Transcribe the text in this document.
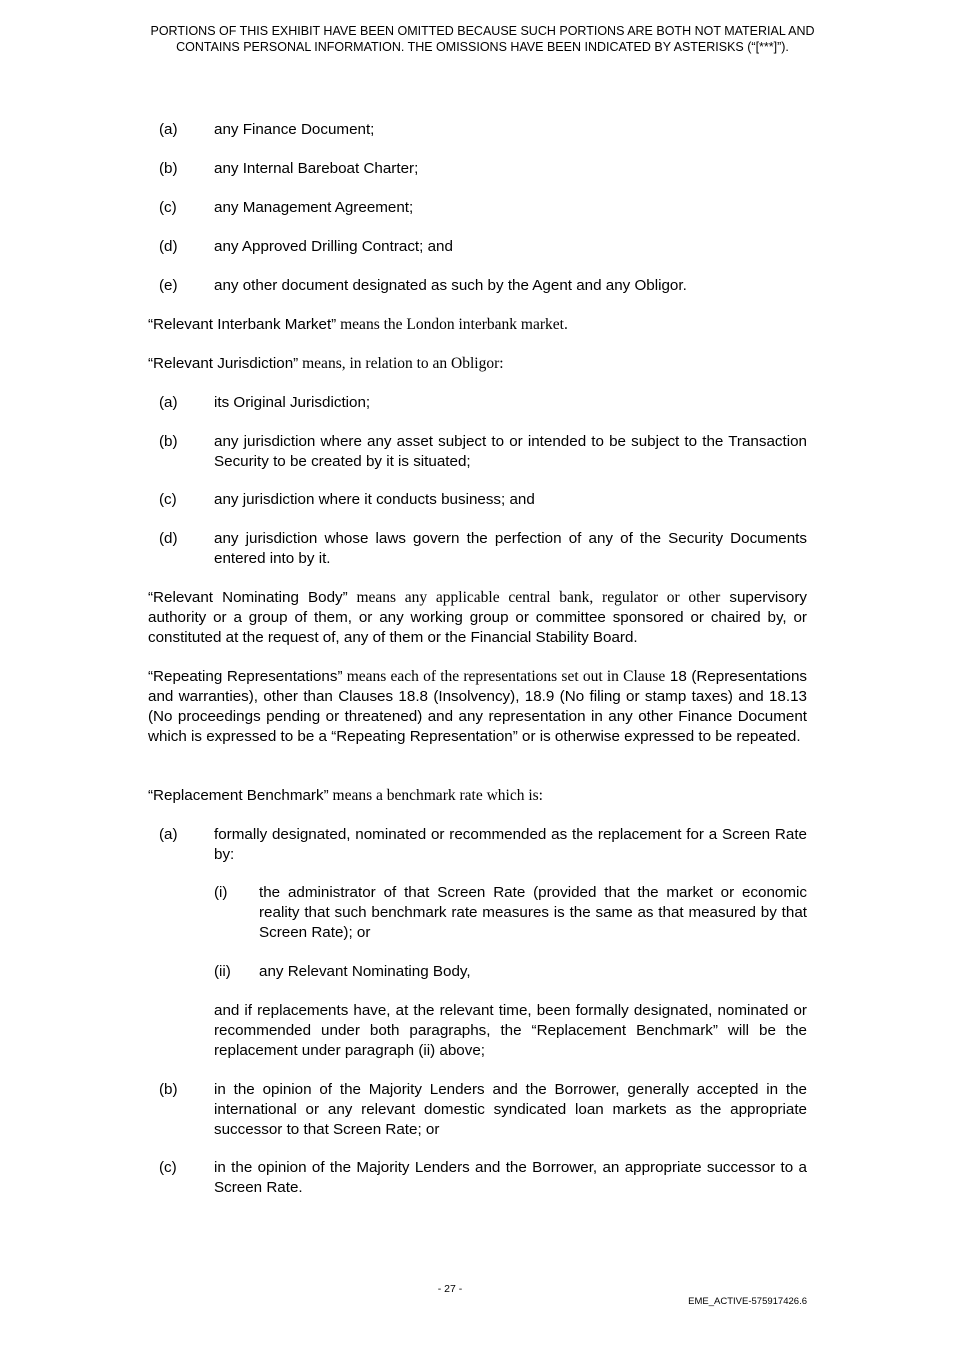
PORTIONS OF THIS EXHIBIT HAVE BEEN OMITTED BECAUSE SUCH PORTIONS ARE BOTH NOT MATERIAL AND
CONTAINS PERSONAL INFORMATION. THE OMISSIONS HAVE BEEN INDICATED BY ASTERISKS (“[***]”).
(a) any Finance Document;
(b) any Internal Bareboat Charter;
(c) any Management Agreement;
(d) any Approved Drilling Contract; and
(e) any other document designated as such by the Agent and any Obligor.
“Relevant Interbank Market” means the London interbank market.
“Relevant Jurisdiction” means, in relation to an Obligor:
(a) its Original Jurisdiction;
(b) any jurisdiction where any asset subject to or intended to be subject to the Transaction Security to be created by it is situated;
(c) any jurisdiction where it conducts business; and
(d) any jurisdiction whose laws govern the perfection of any of the Security Documents entered into by it.
“Relevant Nominating Body” means any applicable central bank, regulator or other supervisory authority or a group of them, or any working group or committee sponsored or chaired by, or constituted at the request of, any of them or the Financial Stability Board.
“Repeating Representations” means each of the representations set out in Clause 18 (Representations and warranties), other than Clauses 18.8 (Insolvency), 18.9 (No filing or stamp taxes) and 18.13 (No proceedings pending or threatened) and any representation in any other Finance Document which is expressed to be a “Repeating Representation” or is otherwise expressed to be repeated.
“Replacement Benchmark” means a benchmark rate which is:
(a) formally designated, nominated or recommended as the replacement for a Screen Rate by:
(i) the administrator of that Screen Rate (provided that the market or economic reality that such benchmark rate measures is the same as that measured by that Screen Rate); or
(ii) any Relevant Nominating Body,
and if replacements have, at the relevant time, been formally designated, nominated or recommended under both paragraphs, the “Replacement Benchmark” will be the replacement under paragraph (ii) above;
(b) in the opinion of the Majority Lenders and the Borrower, generally accepted in the international or any relevant domestic syndicated loan markets as the appropriate successor to that Screen Rate; or
(c) in the opinion of the Majority Lenders and the Borrower, an appropriate successor to a Screen Rate.
- 27 -
EME_ACTIVE-575917426.6
